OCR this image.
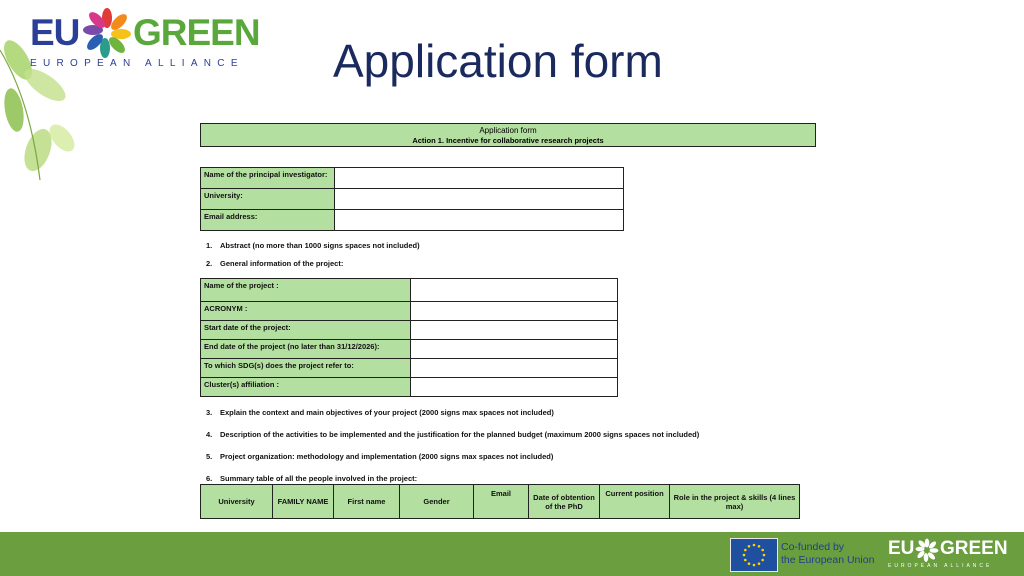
EU GREEN
EUROPEAN ALLIANCE Application form
Application form
Action 1. Incentive for collaborative research projects
Name of the principal investigator:	
University:	
Email address:	
1. Abstract (no more than 1000 signs spaces not included)
2. General information of the project:
Name of the project :	
ACRONYM :	
Start date of the project:	
End date of the project (no later than 31/12/2026):	
To which SDG(s) does the project refer to:	
Cluster(s) affiliation :	
3. Explain the context and main objectives of your project (2000 signs max spaces not included)
4. Description of the activities to be implemented and the justification for the planned budget (maximum 2000 signs spaces not included)
5. Project organization: methodology and implementation (2000 signs max spaces not included)
6. Summary table of all the people involved in the project:
University	FAMILY NAME	First name	Gender	Email	Date of obtention of the PhD	Current position	Role in the project & skills (4 lines max)
Co-funded by
the European Union
EU GREEN
EUROPEAN ALLIANCE
